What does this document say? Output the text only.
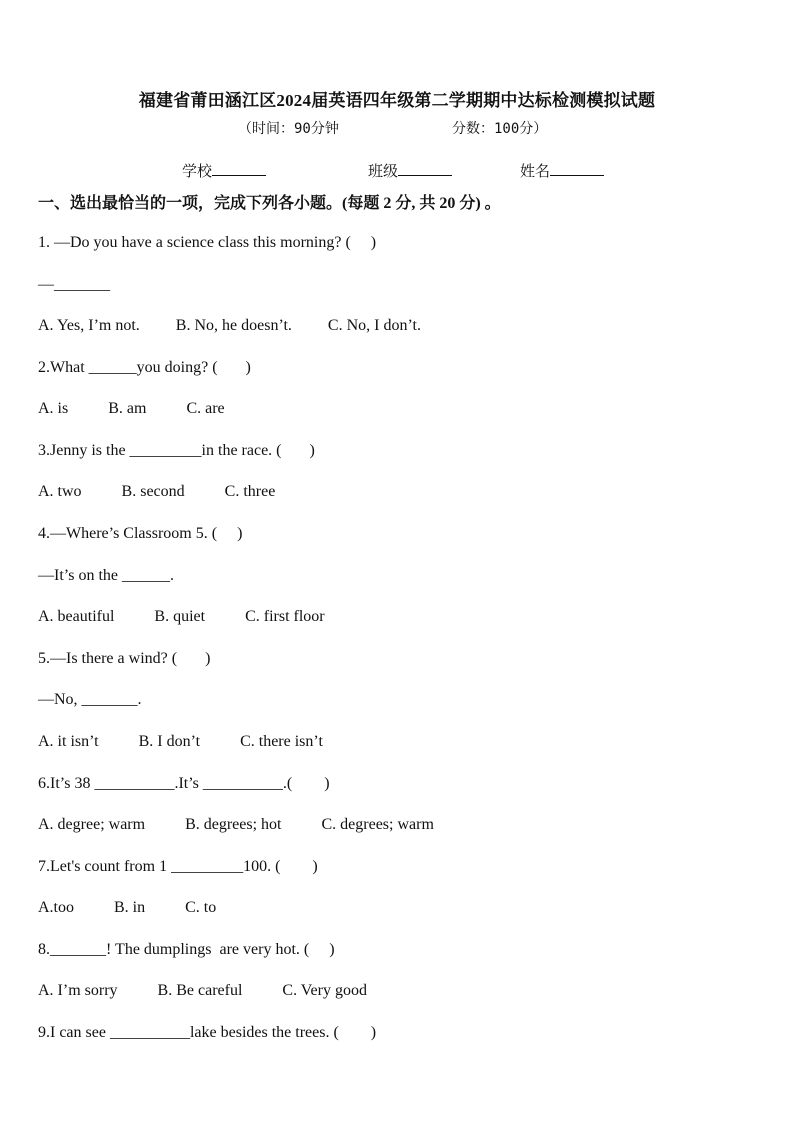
福建省莆田涵江区2024届英语四年级第二学期期中达标检测模拟试题
（时间：90分钟	分数：100分）
学校	班级	姓名
一、选出最恰当的一项，完成下列各小题。(每题 2 分, 共 20 分) 。
1. —Do you have a science class this morning? (     )
—_______
A. Yes, I’m not.         B. No, he doesn’t.         C. No, I don’t.
2.What ______you doing? (       )
A. is          B. am          C. are
3.Jenny is the _________in the race. (       )
A. two          B. second          C. three
4.—Where’s Classroom 5. (     )
—It’s on the ______.
A. beautiful          B. quiet          C. first floor
5.—Is there a wind? (       )
—No, _______.
A. it isn’t          B. I don’t          C. there isn’t
6.It’s 38 __________.It’s __________.(        )
A. degree; warm          B. degrees; hot          C. degrees; warm
7.Let's count from 1 _________100. (        )
A.too          B. in          C. to
8._______! The dumplings  are very hot. (     )
A. I’m sorry          B. Be careful          C. Very good
9.I can see __________lake besides the trees. (        )
